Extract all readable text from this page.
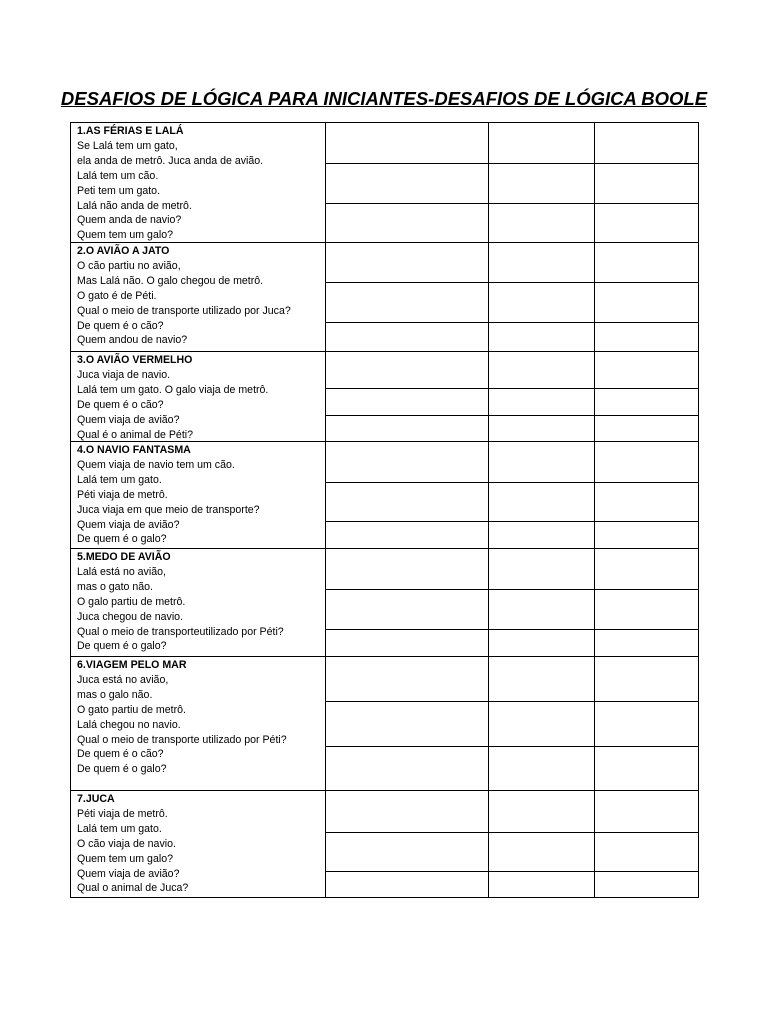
DESAFIOS DE LÓGICA PARA INICIANTES-DESAFIOS DE LÓGICA BOOLE
1.AS FÉRIAS E LALÁ
Se Lalá tem um gato,
ela anda de metrô. Juca anda de avião.
Lalá tem um cão.
Peti tem um gato.
Lalá não anda de metrô.
Quem anda de navio?
Quem tem um galo?
2.O AVIÃO A JATO
O cão partiu no avião,
Mas Lalá não. O galo chegou de metrô.
O gato é de Péti.
Qual o meio de transporte utilizado por Juca?
De quem é o cão?
Quem andou de navio?
3.O AVIÃO VERMELHO
Juca viaja de navio.
Lalá tem um gato. O galo viaja de metrô.
De quem é o cão?
Quem viaja de avião?
Qual é o animal de Péti?
4.O NAVIO FANTASMA
Quem viaja de navio tem um cão.
Lalá tem um gato.
Péti viaja de metrô.
Juca viaja em que meio de transporte?
Quem viaja de avião?
De quem é o galo?
5.MEDO DE AVIÃO
Lalá está no avião,
mas o gato não.
O galo partiu de metrô.
Juca chegou de navio.
Qual o meio de transporteutilizado por Péti?
De quem é o galo?
6.VIAGEM PELO MAR
Juca está no avião,
mas o galo não.
O gato partiu de metrô.
Lalá chegou no navio.
Qual o meio de transporte utilizado por Péti?
De quem é o cão?
De quem é o galo?
7.JUCA
Péti viaja de metrô.
Lalá tem um gato.
O cão viaja de navio.
Quem tem um galo?
Quem viaja de avião?
Qual o animal de Juca?
